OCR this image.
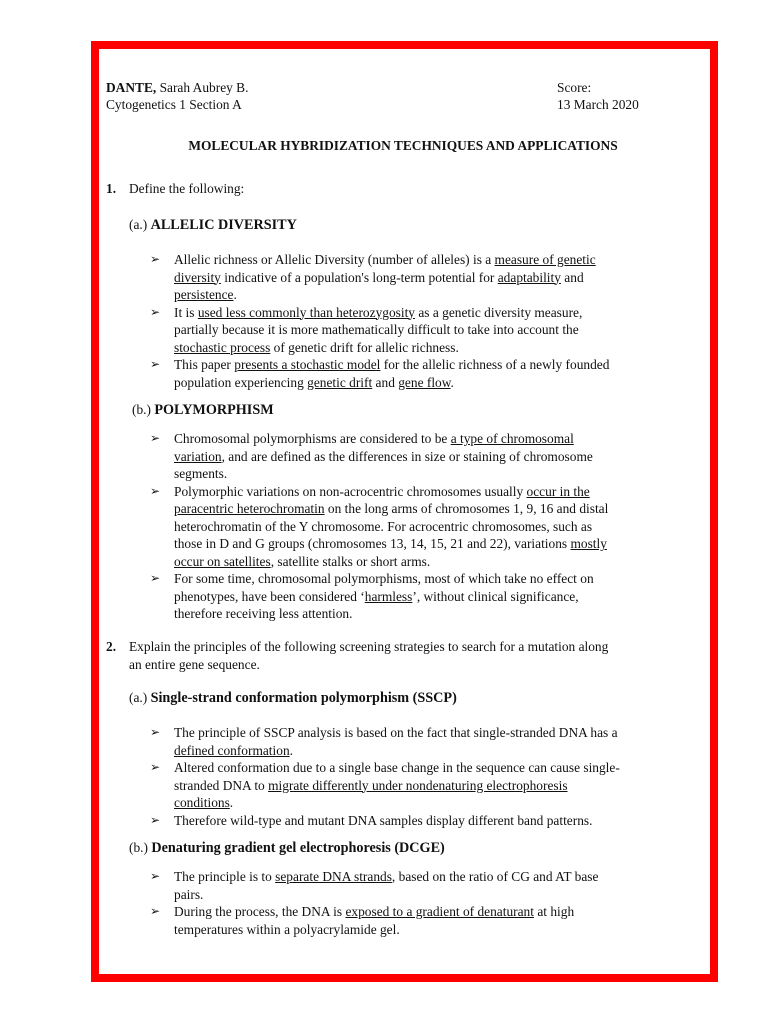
DANTE, Sarah Aubrey B.
Cytogenetics 1 Section A
Score:
13 March 2020
MOLECULAR HYBRIDIZATION TECHNIQUES AND APPLICATIONS
1. Define the following:
(a.) ALLELIC DIVERSITY
➢ Allelic richness or Allelic Diversity (number of alleles) is a measure of genetic
diversity indicative of a population's long-term potential for adaptability and
persistence.
➢ It is used less commonly than heterozygosity as a genetic diversity measure,
partially because it is more mathematically difficult to take into account the
stochastic process of genetic drift for allelic richness.
➢ This paper presents a stochastic model for the allelic richness of a newly founded
population experiencing genetic drift and gene flow.
(b.) POLYMORPHISM
➢ Chromosomal polymorphisms are considered to be a type of chromosomal
variation, and are defined as the differences in size or staining of chromosome
segments.
➢ Polymorphic variations on non-acrocentric chromosomes usually occur in the
paracentric heterochromatin on the long arms of chromosomes 1, 9, 16 and distal
heterochromatin of the Y chromosome. For acrocentric chromosomes, such as
those in D and G groups (chromosomes 13, 14, 15, 21 and 22), variations mostly
occur on satellites, satellite stalks or short arms.
➢ For some time, chromosomal polymorphisms, most of which take no effect on
phenotypes, have been considered ‘harmless’, without clinical significance,
therefore receiving less attention.
2. Explain the principles of the following screening strategies to search for a mutation along
an entire gene sequence.
(a.) Single-strand conformation polymorphism (SSCP)
➢ The principle of SSCP analysis is based on the fact that single-stranded DNA has a
defined conformation.
➢ Altered conformation due to a single base change in the sequence can cause single-
stranded DNA to migrate differently under nondenaturing electrophoresis
conditions.
➢ Therefore wild-type and mutant DNA samples display different band patterns.
(b.) Denaturing gradient gel electrophoresis (DCGE)
➢ The principle is to separate DNA strands, based on the ratio of CG and AT base
pairs.
➢ During the process, the DNA is exposed to a gradient of denaturant at high
temperatures within a polyacrylamide gel.
